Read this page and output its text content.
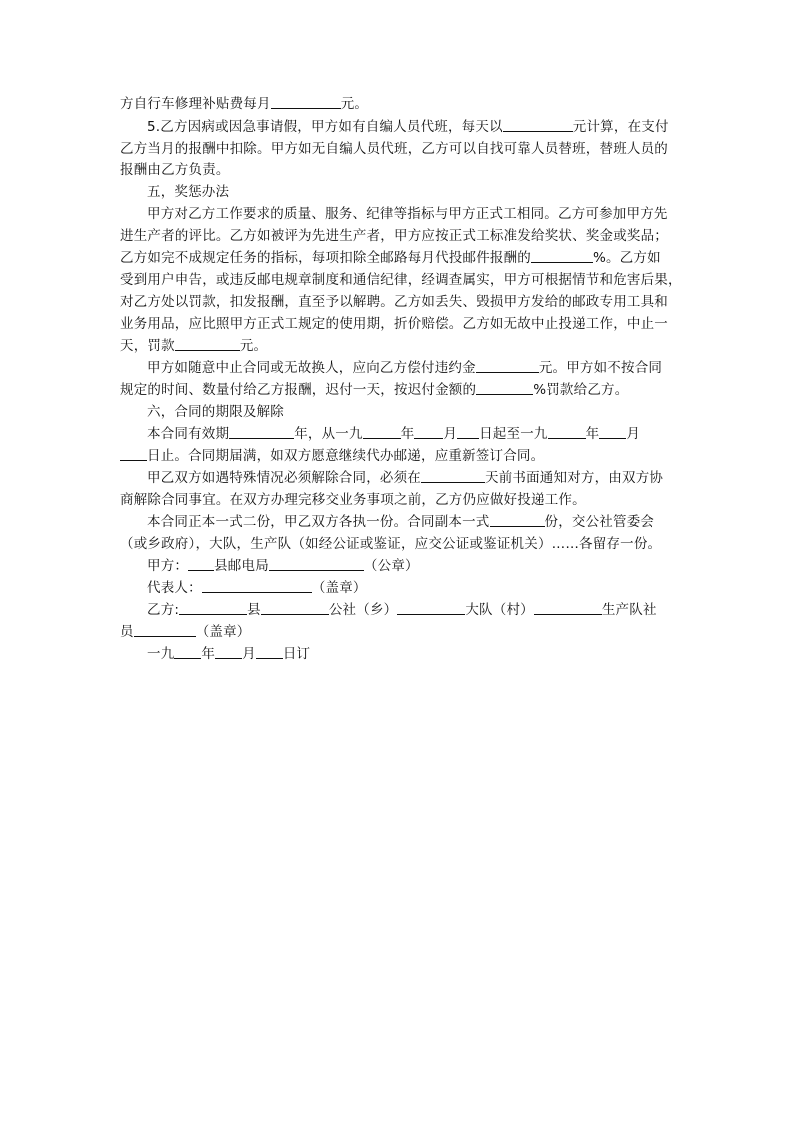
方自行车修理补贴费每月	元。
5.乙方因病或因急事请假，甲方如有自编人员代班，每天以	元计算，在支付
乙方当月的报酬中扣除。甲方如无自编人员代班，乙方可以自找可靠人员替班，替班人员的
报酬由乙方负责。
五，奖惩办法
甲方对乙方工作要求的质量、服务、纪律等指标与甲方正式工相同。乙方可参加甲方先
进生产者的评比。乙方如被评为先进生产者，甲方应按正式工标准发给奖状、奖金或奖品；
乙方如完不成规定任务的指标，每项扣除全邮路每月代投邮件报酬的	%。乙方如
受到用户申告，或违反邮电规章制度和通信纪律，经调查属实，甲方可根据情节和危害后果，
对乙方处以罚款，扣发报酬，直至予以解聘。乙方如丢失、毁损甲方发给的邮政专用工具和
业务用品，应比照甲方正式工规定的使用期，折价赔偿。乙方如无故中止投递工作，中止一
天，罚款	元。
甲方如随意中止合同或无故换人，应向乙方偿付违约金	元。甲方如不按合同
规定的时间、数量付给乙方报酬，迟付一天，按迟付金额的	%罚款给乙方。
六，合同的期限及解除
本合同有效期	年，从一九	年 月 日起至一九	年 月
日止。合同期届满，如双方愿意继续代办邮递，应重新签订合同。
甲乙双方如遇特殊情况必须解除合同，必须在	天前书面通知对方，由双方协
商解除合同事宜。在双方办理完移交业务事项之前，乙方仍应做好投递工作。
本合同正本一式二份，甲乙双方各执一份。合同副本一式	份，交公社管委会
（或乡政府），大队，生产队（如经公证或鉴证，应交公证或鉴证机关）……各留存一份。
甲方： 县邮电局	（公章）
代表人：	（盖章）
乙方:	县	公社（乡）	大队（村）	生产队社
员	（盖章）
一九 年 月 日订
